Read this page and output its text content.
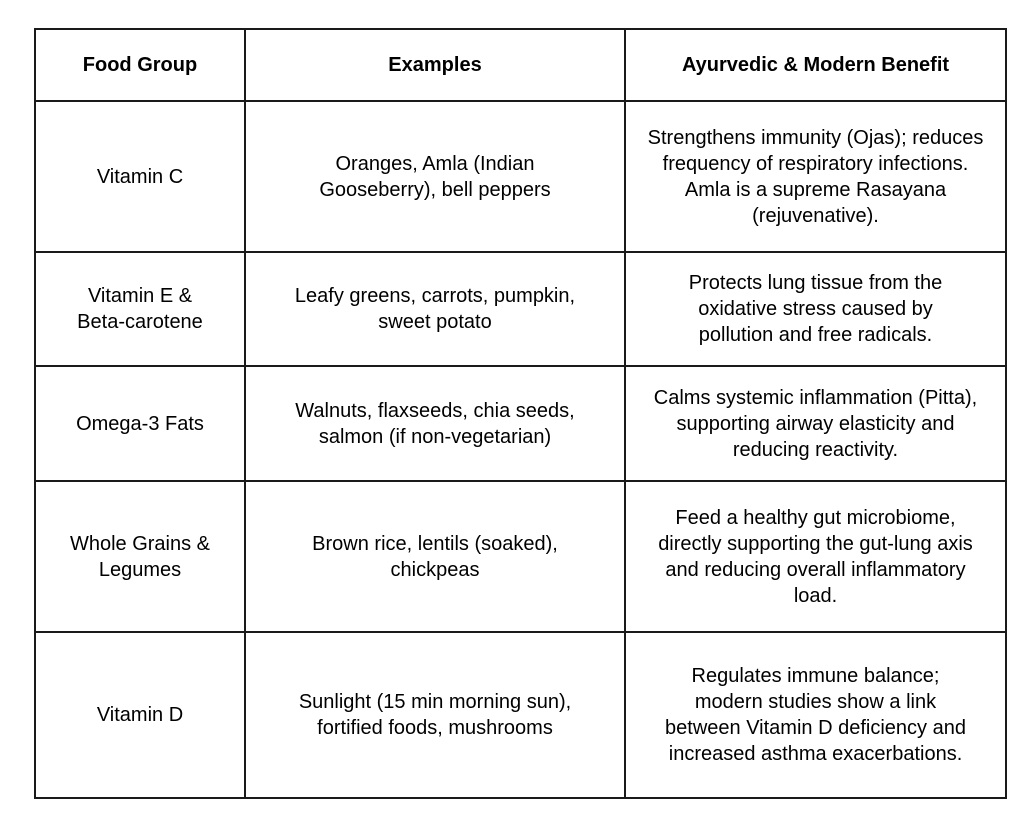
Food Group	Examples	Ayurvedic & Modern Benefit

Vitamin C	Oranges, Amla (Indian Gooseberry), bell peppers	Strengthens immunity (Ojas); reduces frequency of respiratory infections. Amla is a supreme Rasayana (rejuvenative).

Vitamin E & Beta-carotene	Leafy greens, carrots, pumpkin, sweet potato	Protects lung tissue from the oxidative stress caused by pollution and free radicals.

Omega-3 Fats	Walnuts, flaxseeds, chia seeds, salmon (if non-vegetarian)	Calms systemic inflammation (Pitta), supporting airway elasticity and reducing reactivity.

Whole Grains & Legumes	Brown rice, lentils (soaked), chickpeas	Feed a healthy gut microbiome, directly supporting the gut-lung axis and reducing overall inflammatory load.

Vitamin D	Sunlight (15 min morning sun), fortified foods, mushrooms	Regulates immune balance; modern studies show a link between Vitamin D deficiency and increased asthma exacerbations.
